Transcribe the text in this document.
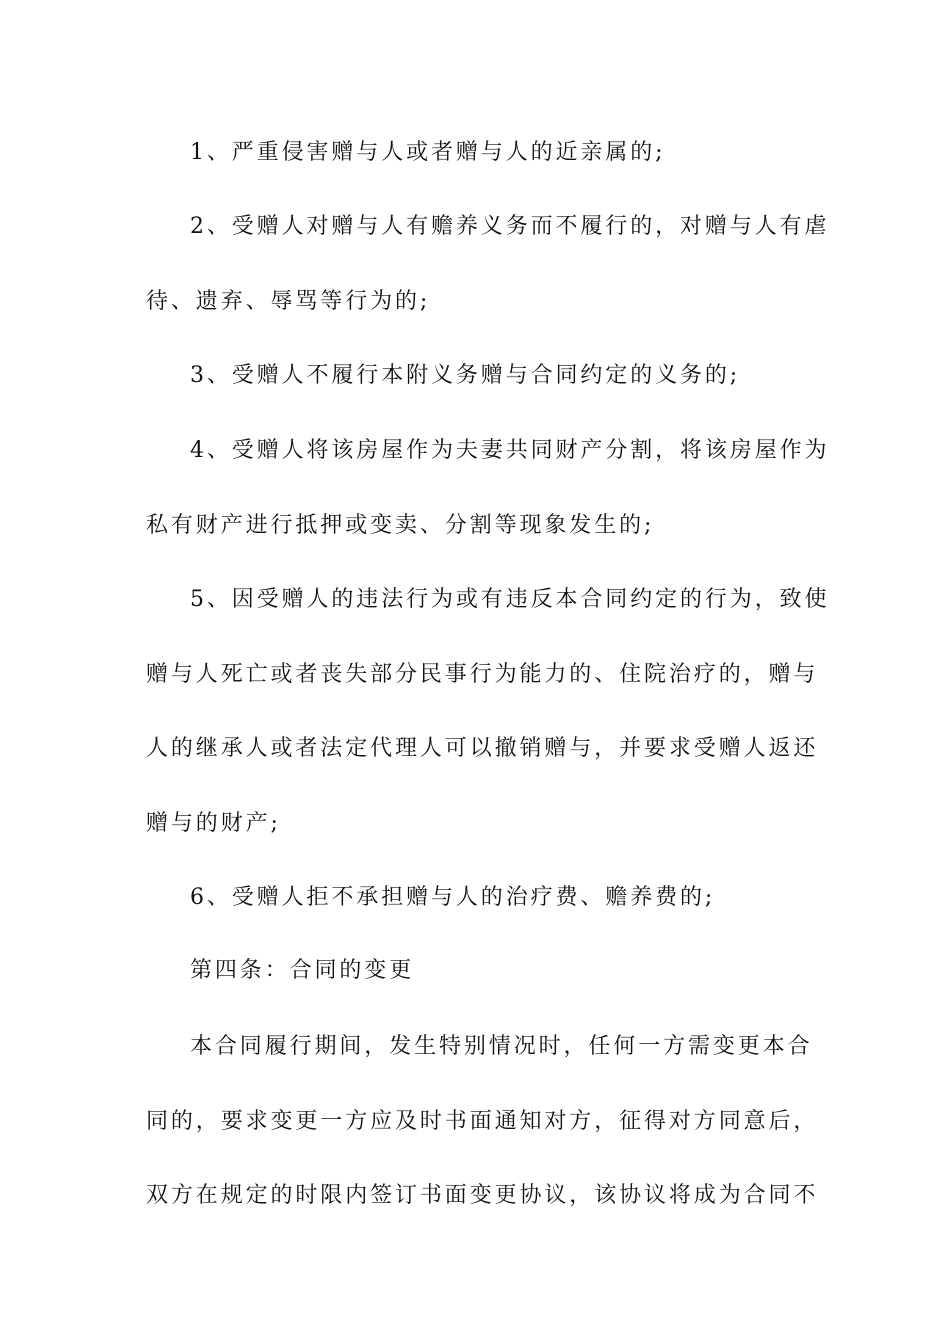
1、严重侵害赠与人或者赠与人的近亲属的;
2、受赠人对赠与人有赡养义务而不履行的，对赠与人有虐
待、遗弃、辱骂等行为的;
3、受赠人不履行本附义务赠与合同约定的义务的;
4、受赠人将该房屋作为夫妻共同财产分割，将该房屋作为
私有财产进行抵押或变卖、分割等现象发生的;
5、因受赠人的违法行为或有违反本合同约定的行为，致使
赠与人死亡或者丧失部分民事行为能力的、住院治疗的，赠与
人的继承人或者法定代理人可以撤销赠与，并要求受赠人返还
赠与的财产;
6、受赠人拒不承担赠与人的治疗费、赡养费的;
第四条：合同的变更
本合同履行期间，发生特别情况时，任何一方需变更本合
同的，要求变更一方应及时书面通知对方，征得对方同意后，
双方在规定的时限内签订书面变更协议，该协议将成为合同不
